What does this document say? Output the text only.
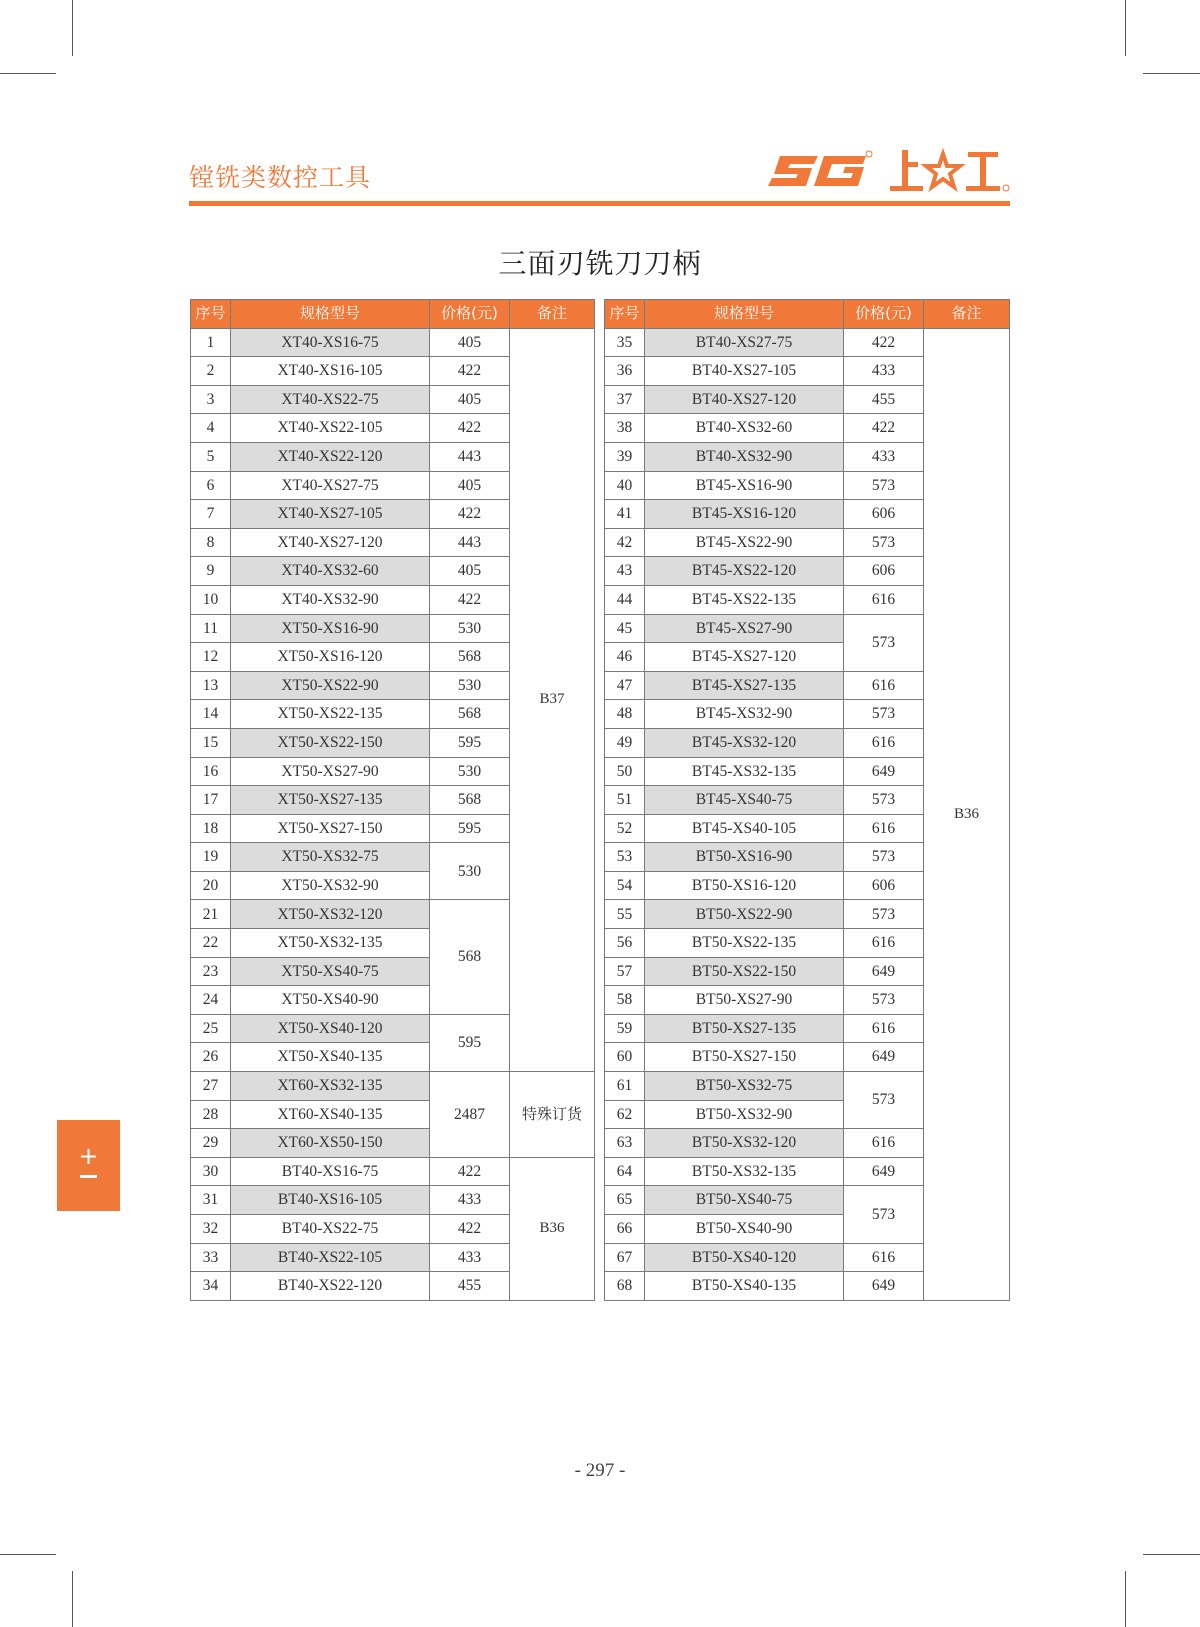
镗铣类数控工具
三面刃铣刀刀柄
序号	规格型号	价格(元)	备注
1	XT40-XS16-75	405	B37
2	XT40-XS16-105	422	
3	XT40-XS22-75	405	
4	XT40-XS22-105	422	
5	XT40-XS22-120	443	
6	XT40-XS27-75	405	
7	XT40-XS27-105	422	
8	XT40-XS27-120	443	
9	XT40-XS32-60	405	
10	XT40-XS32-90	422	
11	XT50-XS16-90	530	
12	XT50-XS16-120	568	
13	XT50-XS22-90	530	
14	XT50-XS22-135	568	
15	XT50-XS22-150	595	
16	XT50-XS27-90	530	
17	XT50-XS27-135	568	
18	XT50-XS27-150	595	
19	XT50-XS32-75	530	
20	XT50-XS32-90		
21	XT50-XS32-120	568	
22	XT50-XS32-135		
23	XT50-XS40-75		
24	XT50-XS40-90		
25	XT50-XS40-120	595	
26	XT50-XS40-135		
27	XT60-XS32-135	2487	特殊订货
28	XT60-XS40-135		
29	XT60-XS50-150		
30	BT40-XS16-75	422	B36
31	BT40-XS16-105	433	
32	BT40-XS22-75	422	
33	BT40-XS22-105	433	
34	BT40-XS22-120	455	
序号	规格型号	价格(元)	备注
35	BT40-XS27-75	422	B36
36	BT40-XS27-105	433	
37	BT40-XS27-120	455	
38	BT40-XS32-60	422	
39	BT40-XS32-90	433	
40	BT45-XS16-90	573	
41	BT45-XS16-120	606	
42	BT45-XS22-90	573	
43	BT45-XS22-120	606	
44	BT45-XS22-135	616	
45	BT45-XS27-90	573	
46	BT45-XS27-120		
47	BT45-XS27-135	616	
48	BT45-XS32-90	573	
49	BT45-XS32-120	616	
50	BT45-XS32-135	649	
51	BT45-XS40-75	573	
52	BT45-XS40-105	616	
53	BT50-XS16-90	573	
54	BT50-XS16-120	606	
55	BT50-XS22-90	573	
56	BT50-XS22-135	616	
57	BT50-XS22-150	649	
58	BT50-XS27-90	573	
59	BT50-XS27-135	616	
60	BT50-XS27-150	649	
61	BT50-XS32-75	573	
62	BT50-XS32-90		
63	BT50-XS32-120	616	
64	BT50-XS32-135	649	
65	BT50-XS40-75	573	
66	BT50-XS40-90		
67	BT50-XS40-120	616	
68	BT50-XS40-135	649	
+
- 297 -
